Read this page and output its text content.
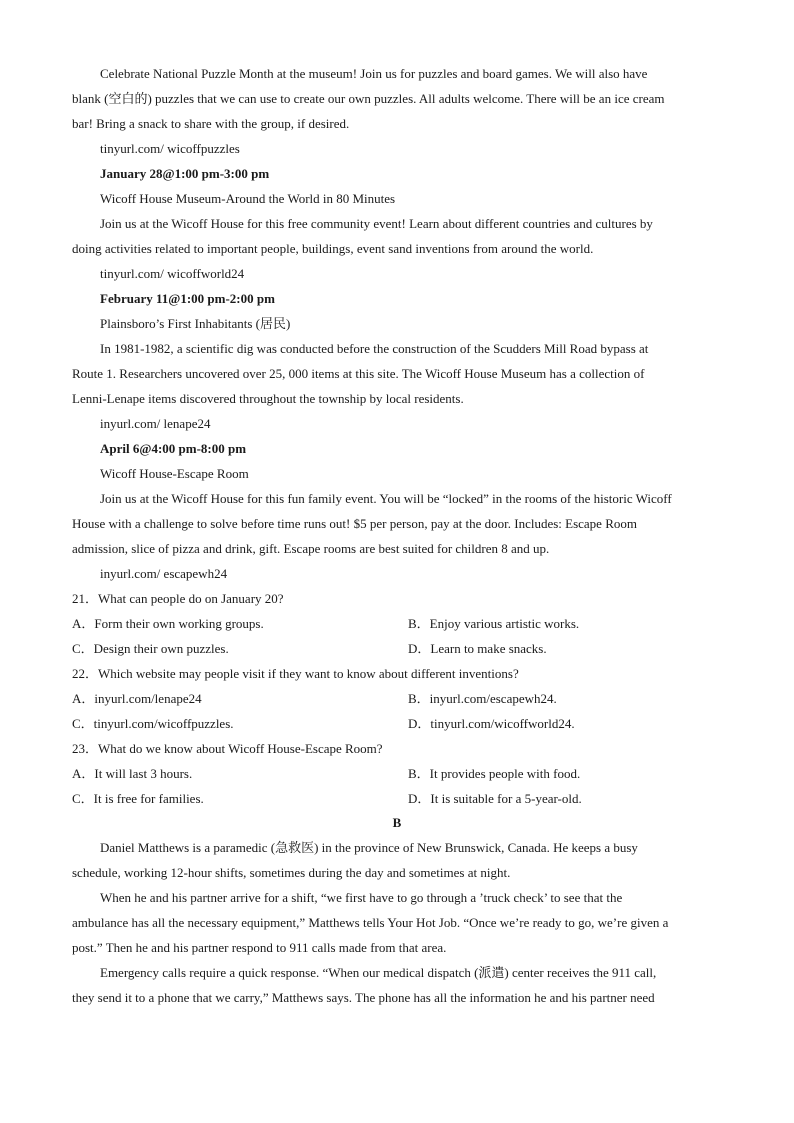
Celebrate National Puzzle Month at the museum! Join us for puzzles and board games. We will also have
blank (空白的) puzzles that we can use to create our own puzzles. All adults welcome. There will be an ice cream
bar! Bring a snack to share with the group, if desired.
tinyurl.com/ wicoffpuzzles
January 28@1:00 pm-3:00 pm
Wicoff House Museum-Around the World in 80 Minutes
Join us at the Wicoff House for this free community event! Learn about different countries and cultures by
doing activities related to important people, buildings, event sand inventions from around the world.
tinyurl.com/ wicoffworld24
February 11@1:00 pm-2:00 pm
Plainsboro’s First Inhabitants (居民)
In 1981-1982, a scientific dig was conducted before the construction of the Scudders Mill Road bypass at
Route 1. Researchers uncovered over 25, 000 items at this site. The Wicoff House Museum has a collection of
Lenni-Lenape items discovered throughout the township by local residents.
inyurl.com/ lenape24
April 6@4:00 pm-8:00 pm
Wicoff House-Escape Room
Join us at the Wicoff House for this fun family event. You will be “locked” in the rooms of the historic Wicoff
House with a challenge to solve before time runs out! $5 per person, pay at the door. Includes: Escape Room
admission, slice of pizza and drink, gift. Escape rooms are best suited for children 8 and up.
inyurl.com/ escapewh24
21．What can people do on January 20?
A．Form their own working groups.	B．Enjoy various artistic works.
C．Design their own puzzles.	D．Learn to make snacks.
22．Which website may people visit if they want to know about different inventions?
A．inyurl.com/lenape24	B．inyurl.com/escapewh24.
C．tinyurl.com/wicoffpuzzles.	D．tinyurl.com/wicoffworld24.
23．What do we know about Wicoff House-Escape Room?
A．It will last 3 hours.	B．It provides people with food.
C．It is free for families.	D．It is suitable for a 5-year-old.
B
Daniel Matthews is a paramedic (急救医) in the province of New Brunswick, Canada. He keeps a busy
schedule, working 12-hour shifts, sometimes during the day and sometimes at night.
When he and his partner arrive for a shift, “we first have to go through a ’truck check’ to see that the
ambulance has all the necessary equipment,” Matthews tells Your Hot Job. “Once we’re ready to go, we’re given a
post.” Then he and his partner respond to 911 calls made from that area.
Emergency calls require a quick response. “When our medical dispatch (派遣) center receives the 911 call,
they send it to a phone that we carry,” Matthews says. The phone has all the information he and his partner need
